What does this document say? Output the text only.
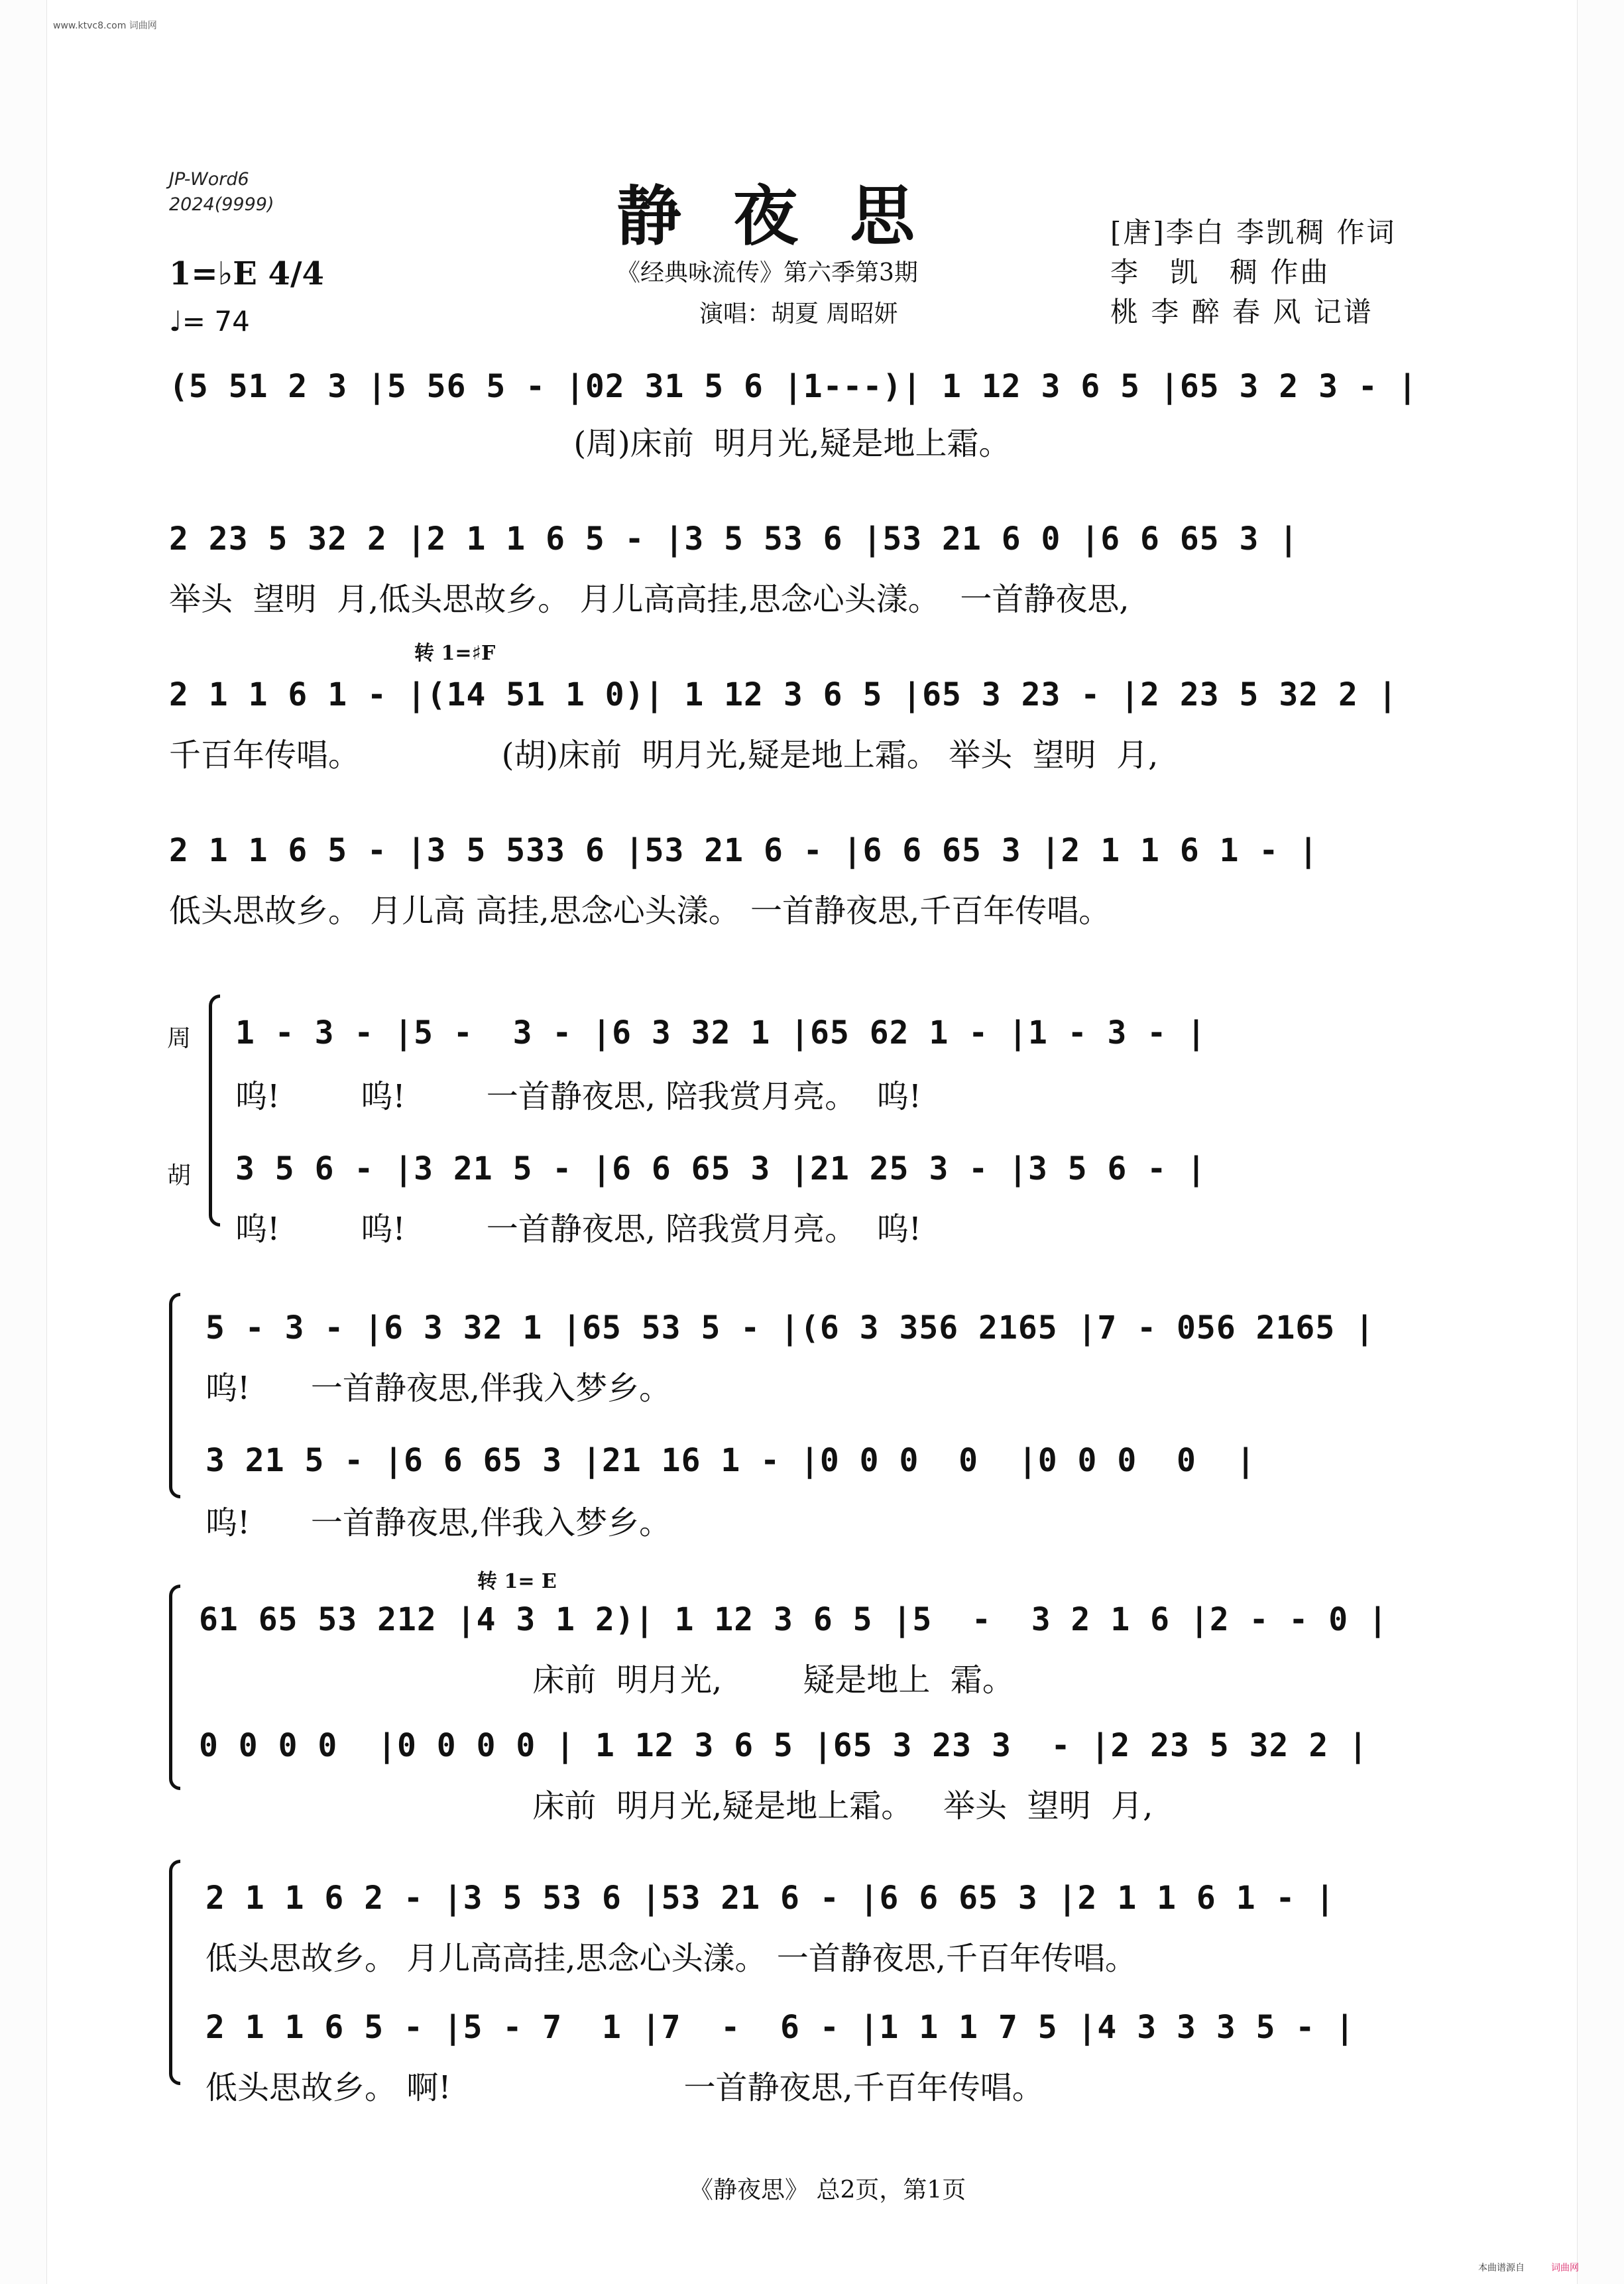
www.ktvc8.com 词曲网
JP-Word6
2024(9999)	静夜思
《经典咏流传》第六季第3期
演唱：胡夏 周昭妍
[唐]李白 李凯稠 作词
李　凯　稠 作曲
桃 李 醉 春 风 记谱
1=♭E 4/4
♩= 74
(5 51 2 3 |5 56 5 - |02 31 5 6 |1---)| 1 12 3 6 5 |65 3 2 3 - |
(周)床前  明月光,疑是地上霜。
2 23 5 32 2 |2 1 1 6 5 - |3 5 53 6 |53 21 6 0 |6 6 65 3 |
举头  望明  月,低头思故乡。 月儿高高挂,思念心头漾。  一首静夜思,
转 1=♯F
2 1 1 6 1 - |(14 51 1 0)| 1 12 3 6 5 |65 3 23 - |2 23 5 32 2 |
千百年传唱。              (胡)床前  明月光,疑是地上霜。 举头  望明  月,
2 1 1 6 5 - |3 5 533 6 |53 21 6 - |6 6 65 3 |2 1 1 6 1 - |
低头思故乡。 月儿高 高挂,思念心头漾。 一首静夜思,千百年传唱。
周
胡
1 - 3 - |5 -  3 - |6 3 32 1 |65 62 1 - |1 - 3 - |
呜!        呜!        一首静夜思, 陪我赏月亮。  呜!
3 5 6 - |3 21 5 - |6 6 65 3 |21 25 3 - |3 5 6 - |
呜!        呜!        一首静夜思, 陪我赏月亮。  呜!
5 - 3 - |6 3 32 1 |65 53 5 - |(6 3 356 2165 |7 - 056 2165 |
呜!      一首静夜思,伴我入梦乡。
3 21 5 - |6 6 65 3 |21 16 1 - |0 0 0  0  |0 0 0  0  |
呜!      一首静夜思,伴我入梦乡。
转 1= E
61 65 53 212 |4 3 1 2)| 1 12 3 6 5 |5  -  3 2 1 6 |2 - - 0 |
床前  明月光,        疑是地上  霜。
0 0 0 0  |0 0 0 0 | 1 12 3 6 5 |65 3 23 3  - |2 23 5 32 2 |
床前  明月光,疑是地上霜。   举头  望明  月,
2 1 1 6 2 - |3 5 53 6 |53 21 6 - |6 6 65 3 |2 1 1 6 1 - |
低头思故乡。 月儿高高挂,思念心头漾。 一首静夜思,千百年传唱。
2 1 1 6 5 - |5 - 7  1 |7  -  6 - |1 1 1 7 5 |4 3 3 3 5 - |
低头思故乡。 啊!                       一首静夜思,千百年传唱。
《静夜思》 总2页，第1页
本曲谱源自	词曲网
